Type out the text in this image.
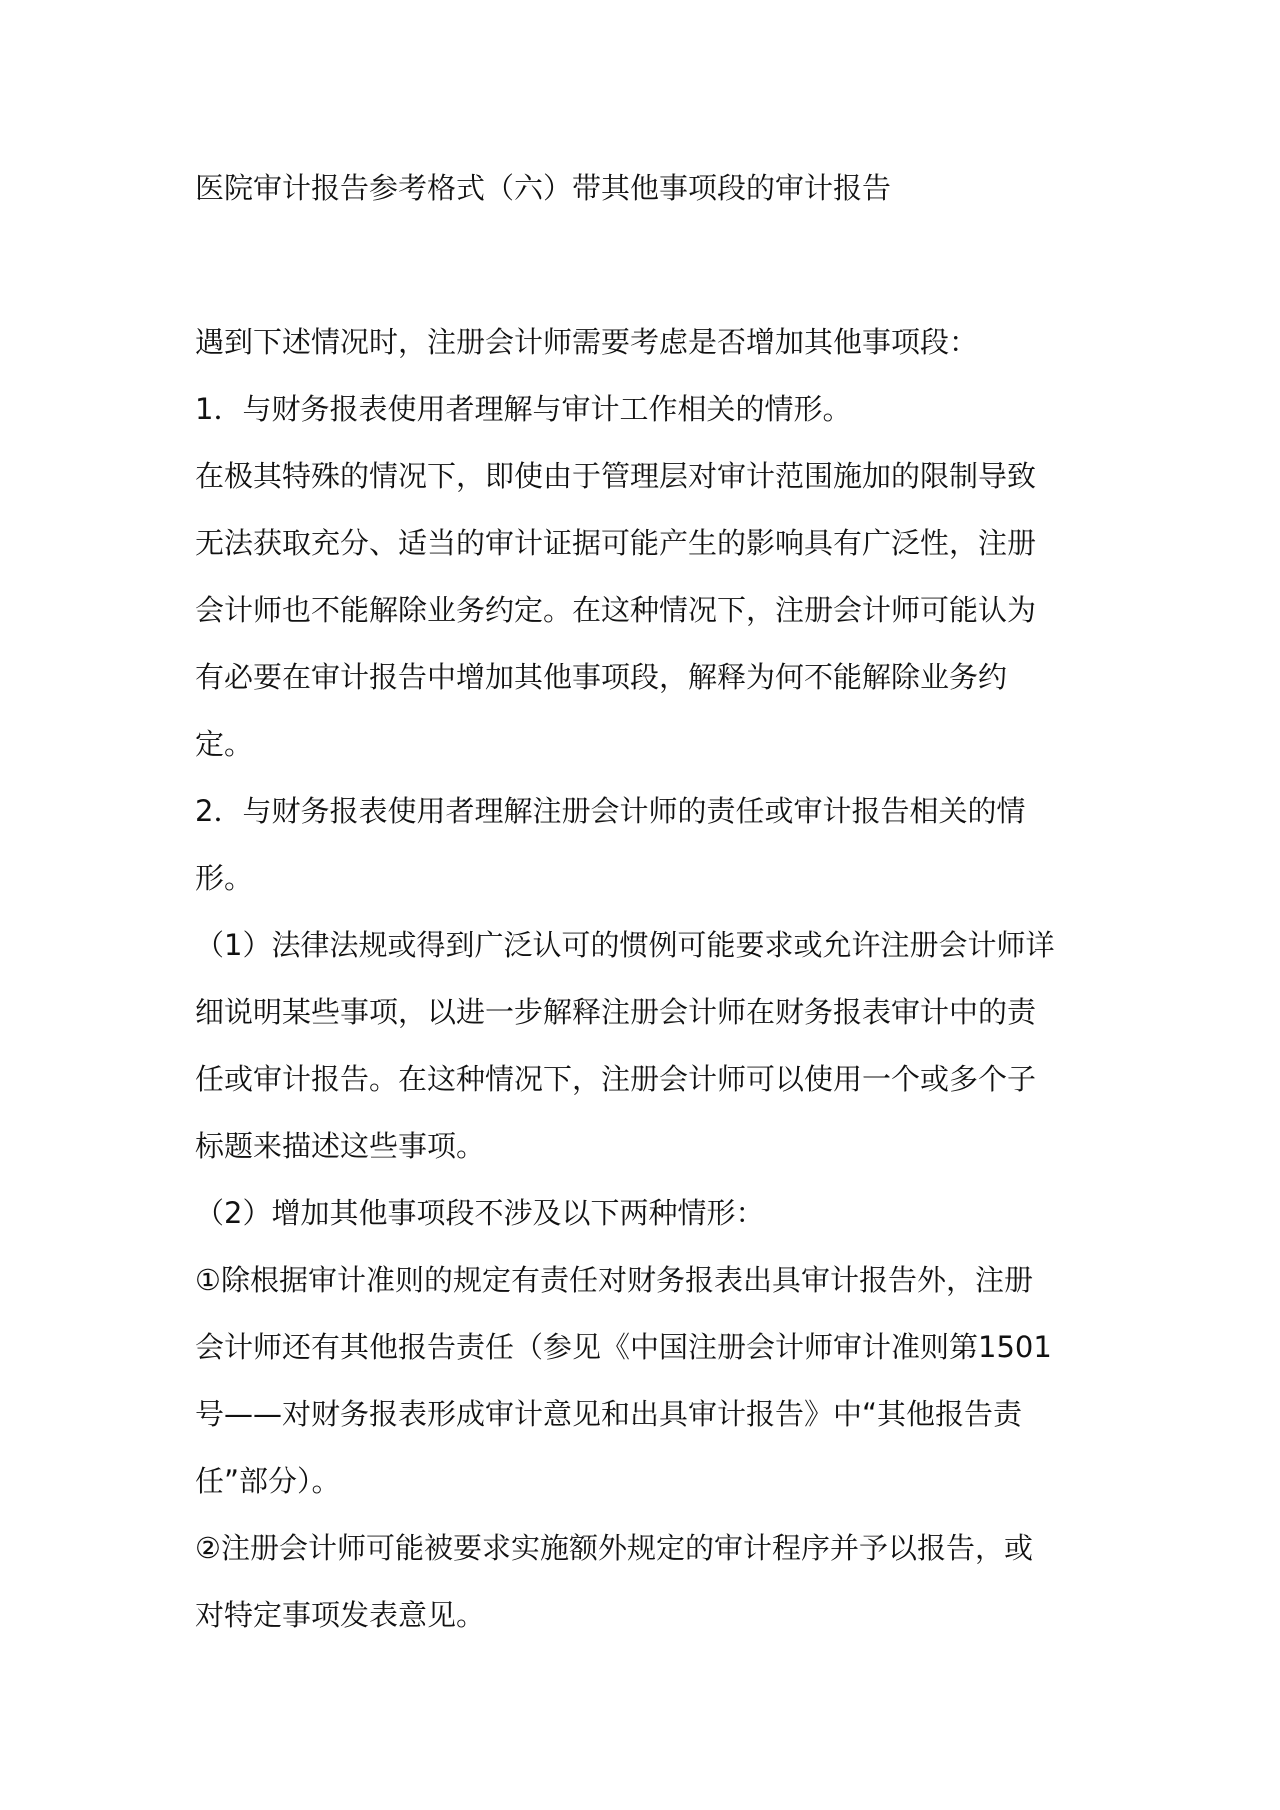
医院审计报告参考格式（六）带其他事项段的审计报告
遇到下述情况时，注册会计师需要考虑是否增加其他事项段：
1．与财务报表使用者理解与审计工作相关的情形。
在极其特殊的情况下，即使由于管理层对审计范围施加的限制导致
无法获取充分、适当的审计证据可能产生的影响具有广泛性，注册
会计师也不能解除业务约定。在这种情况下，注册会计师可能认为
有必要在审计报告中增加其他事项段，解释为何不能解除业务约
定。
2．与财务报表使用者理解注册会计师的责任或审计报告相关的情
形。
（1）法律法规或得到广泛认可的惯例可能要求或允许注册会计师详
细说明某些事项，以进一步解释注册会计师在财务报表审计中的责
任或审计报告。在这种情况下，注册会计师可以使用一个或多个子
标题来描述这些事项。
（2）增加其他事项段不涉及以下两种情形：
①除根据审计准则的规定有责任对财务报表出具审计报告外，注册
会计师还有其他报告责任（参见《中国注册会计师审计准则第1501
号——对财务报表形成审计意见和出具审计报告》中“其他报告责
任”部分）。
②注册会计师可能被要求实施额外规定的审计程序并予以报告，或
对特定事项发表意见。
